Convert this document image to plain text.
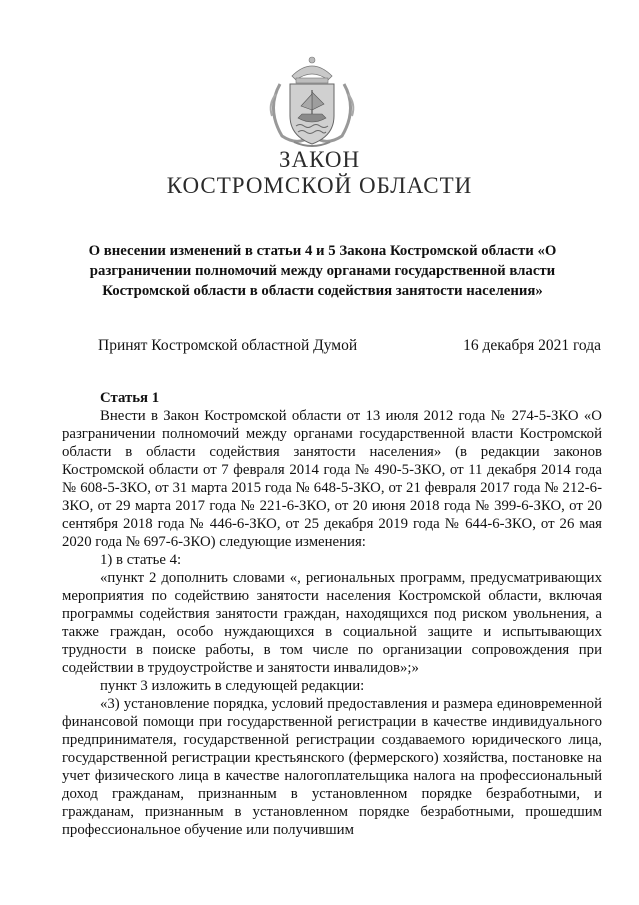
ЗАКОН
КОСТРОМСКОЙ ОБЛАСТИ
О внесении изменений в статьи 4 и 5 Закона Костромской области «О разграничении полномочий между органами государственной власти Костромской области в области содействия занятости населения»
Принят Костромской областной Думой	16 декабря 2021 года

Статья 1

Внести в Закон Костромской области от 13 июля 2012 года № 274-5-ЗКО «О разграничении полномочий между органами государственной власти Костромской области в области содействия занятости населения» (в редакции законов Костромской области от 7 февраля 2014 года № 490-5-ЗКО, от 11 декабря 2014 года № 608-5-ЗКО, от 31 марта 2015 года № 648-5-ЗКО, от 21 февраля 2017 года № 212-6-ЗКО, от 29 марта 2017 года № 221-6-ЗКО, от 20 июня 2018 года № 399-6-ЗКО, от 20 сентября 2018 года № 446-6-ЗКО, от 25 декабря 2019 года № 644-6-ЗКО, от 26 мая 2020 года № 697-6-ЗКО) следующие изменения:

1) в статье 4:

«пункт 2 дополнить словами «, региональных программ, предусматривающих мероприятия по содействию занятости населения Костромской области, включая программы содействия занятости граждан, находящихся под риском увольнения, а также граждан, особо нуждающихся в социальной защите и испытывающих трудности в поиске работы, в том числе по организации сопровождения при содействии в трудоустройстве и занятости инвалидов»;»

пункт 3 изложить в следующей редакции:

«3) установление порядка, условий предоставления и размера единовременной финансовой помощи при государственной регистрации в качестве индивидуального предпринимателя, государственной регистрации создаваемого юридического лица, государственной регистрации крестьянского (фермерского) хозяйства, постановке на учет физического лица в качестве налогоплательщика налога на профессиональный доход гражданам, признанным в установленном порядке безработными, и гражданам, признанным в установленном порядке безработными, прошедшим профессиональное обучение или получившим
